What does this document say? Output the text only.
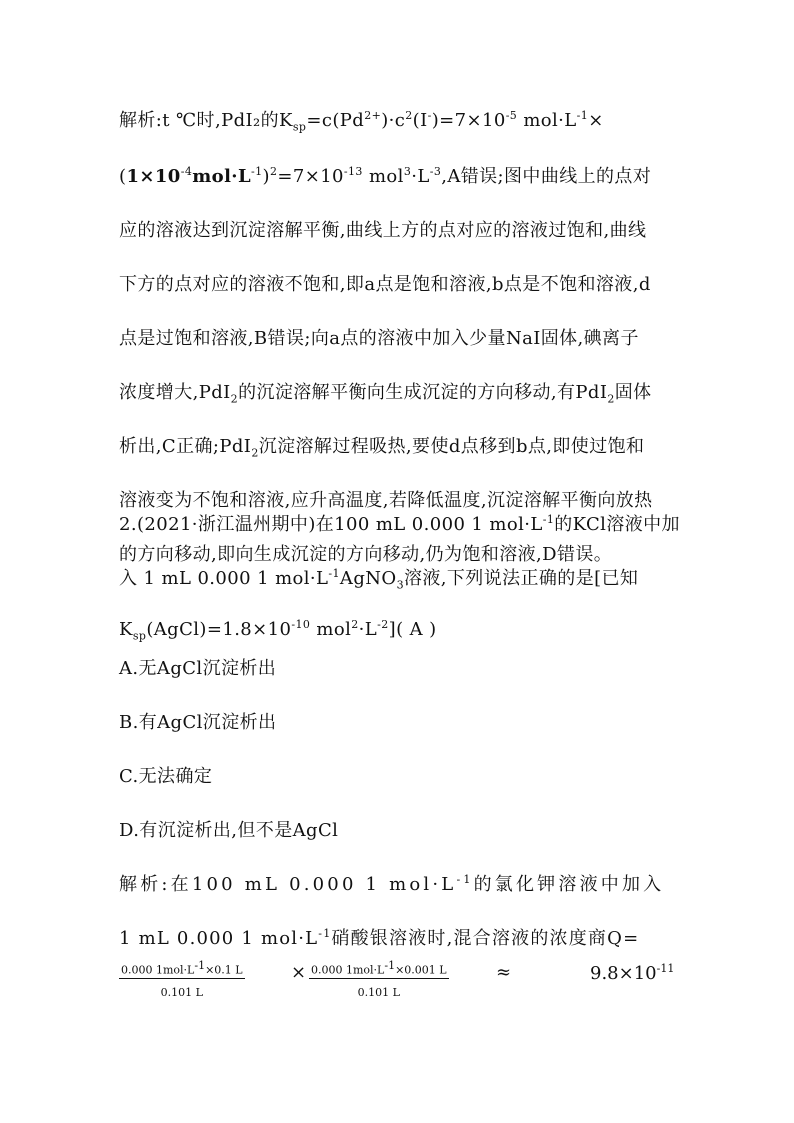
解析:t ℃时,PdI₂的$K_{sp}=c(Pd^{2+})\cdot c^2(I^-)=7\times 10^{-5}$ $mol\cdot L^{-1}\times$
$(1\times 10^{-4}mol\cdot L^{-1})^2=7\times 10^{-13}$ $mol^3\cdot L^{-3},A$错误;图中曲线上的点对
应的溶液达到沉淀溶解平衡,曲线上方的点对应的溶液过饱和,曲线
下方的点对应的溶液不饱和,即a点是饱和溶液,b点是不饱和溶液,d
点是过饱和溶液,B错误;向a点的溶液中加入少量NaI固体,碘离子
浓度增大,PdI$_2$的沉淀溶解平衡向生成沉淀的方向移动,有PdI$_2$固体
析出,C正确;PdI$_2$沉淀溶解过程吸热,要使d点移到b点,即使过饱和
溶液变为不饱和溶液,应升高温度,若降低温度,沉淀溶解平衡向放热
的方向移动,即向生成沉淀的方向移动,仍为饱和溶液,D错误。
2.(2021·浙江温州期中)在100 mL 0.000 1 $mol\cdot L^{-1}$的KCl溶液中加
入 1 mL 0.000 1 $mol\cdot L^{-1}AgNO_3$溶液,下列说法正确的是[已知
$K_{sp}(AgCl)=1.8\times 10^{-10}$ $mol^2\cdot L^{-2}$]( A )
A.无AgCl沉淀析出
B.有AgCl沉淀析出
C.无法确定
D.有沉淀析出,但不是AgCl
解析:在100 mL 0.000 1 $mol\cdot L^{-1}$的氯化钾溶液中加入
1 mL 0.000 1 $mol\cdot L^{-1}$硝酸银溶液时,混合溶液的浓度商Q=
0.000 $1mol\cdot L^{-1}\times 0.1$ L
0.101 L
× 0.000 $1mol\cdot L^{-1}\times 0.001$ L
0.101 L
≈	$9.8\times 10^{-11}$
